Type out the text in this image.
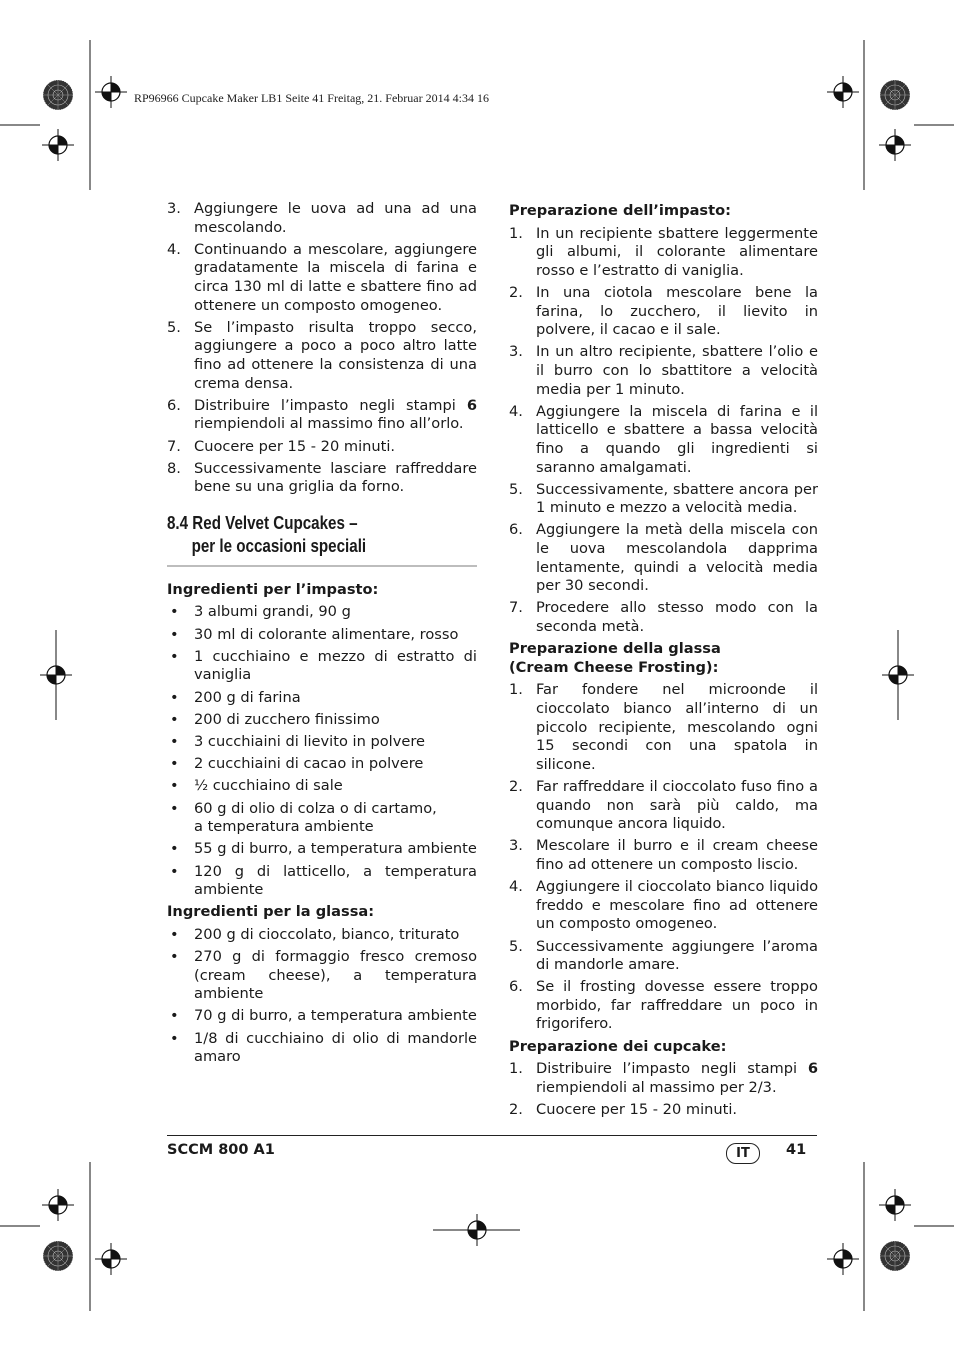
RP96966 Cupcake Maker LB1 Seite 41 Freitag, 21. Februar 2014 4:34 16
3. Aggiungere le uova ad una ad una mescolando.
4. Continuando a mescolare, aggiungere gradatamente la miscela di farina e circa 130 ml di latte e sbattere fino ad ottenere un composto omogeneo.
5. Se l’impasto risulta troppo secco, aggiungere a poco a poco altro latte fino ad ottenere la consistenza di una crema densa.
6. Distribuire l’impasto negli stampi 6 riempiendoli al massimo fino all’orlo.
7. Cuocere per 15 - 20 minuti.
8. Successivamente lasciare raffreddare bene su una griglia da forno.
8.4 Red Velvet Cupcakes –
per le occasioni speciali
Ingredienti per l’impasto:
• 3 albumi grandi, 90 g
• 30 ml di colorante alimentare, rosso
• 1 cucchiaino e mezzo di estratto di vaniglia
• 200 g di farina
• 200 di zucchero finissimo
• 3 cucchiaini di lievito in polvere
• 2 cucchiaini di cacao in polvere
• ½ cucchiaino di sale
• 60 g di olio di colza o di cartamo, a temperatura ambiente
• 55 g di burro, a temperatura ambiente
• 120 g di latticello, a temperatura ambiente
Ingredienti per la glassa:
• 200 g di cioccolato, bianco, triturato
• 270 g di formaggio fresco cremoso (cream cheese), a temperatura ambiente
• 70 g di burro, a temperatura ambiente
• 1/8 di cucchiaino di olio di mandorle amaro
Preparazione dell’impasto:
1. In un recipiente sbattere leggermente gli albumi, il colorante alimentare rosso e l’estratto di vaniglia.
2. In una ciotola mescolare bene la farina, lo zucchero, il lievito in polvere, il cacao e il sale.
3. In un altro recipiente, sbattere l’olio e il burro con lo sbattitore a velocità media per 1 minuto.
4. Aggiungere la miscela di farina e il latticello e sbattere a bassa velocità fino a quando gli ingredienti si saranno amalgamati.
5. Successivamente, sbattere ancora per 1 minuto e mezzo a velocità media.
6. Aggiungere la metà della miscela con le uova mescolandola dapprima lentamente, quindi a velocità media per 30 secondi.
7. Procedere allo stesso modo con la seconda metà.
Preparazione della glassa
(Cream Cheese Frosting):
1. Far fondere nel microonde il cioccolato bianco all’interno di un piccolo recipiente, mescolando ogni 15 secondi con una spatola in silicone.
2. Far raffreddare il cioccolato fuso fino a quando non sarà più caldo, ma comunque ancora liquido.
3. Mescolare il burro e il cream cheese fino ad ottenere un composto liscio.
4. Aggiungere il cioccolato bianco liquido freddo e mescolare fino ad ottenere un composto omogeneo.
5. Successivamente aggiungere l’aroma di mandorle amare.
6. Se il frosting dovesse essere troppo morbido, far raffreddare un poco in frigorifero.
Preparazione dei cupcake:
1. Distribuire l’impasto negli stampi 6 riempiendoli al massimo per 2/3.
2. Cuocere per 15 - 20 minuti.
SCCM 800 A1	IT	41
